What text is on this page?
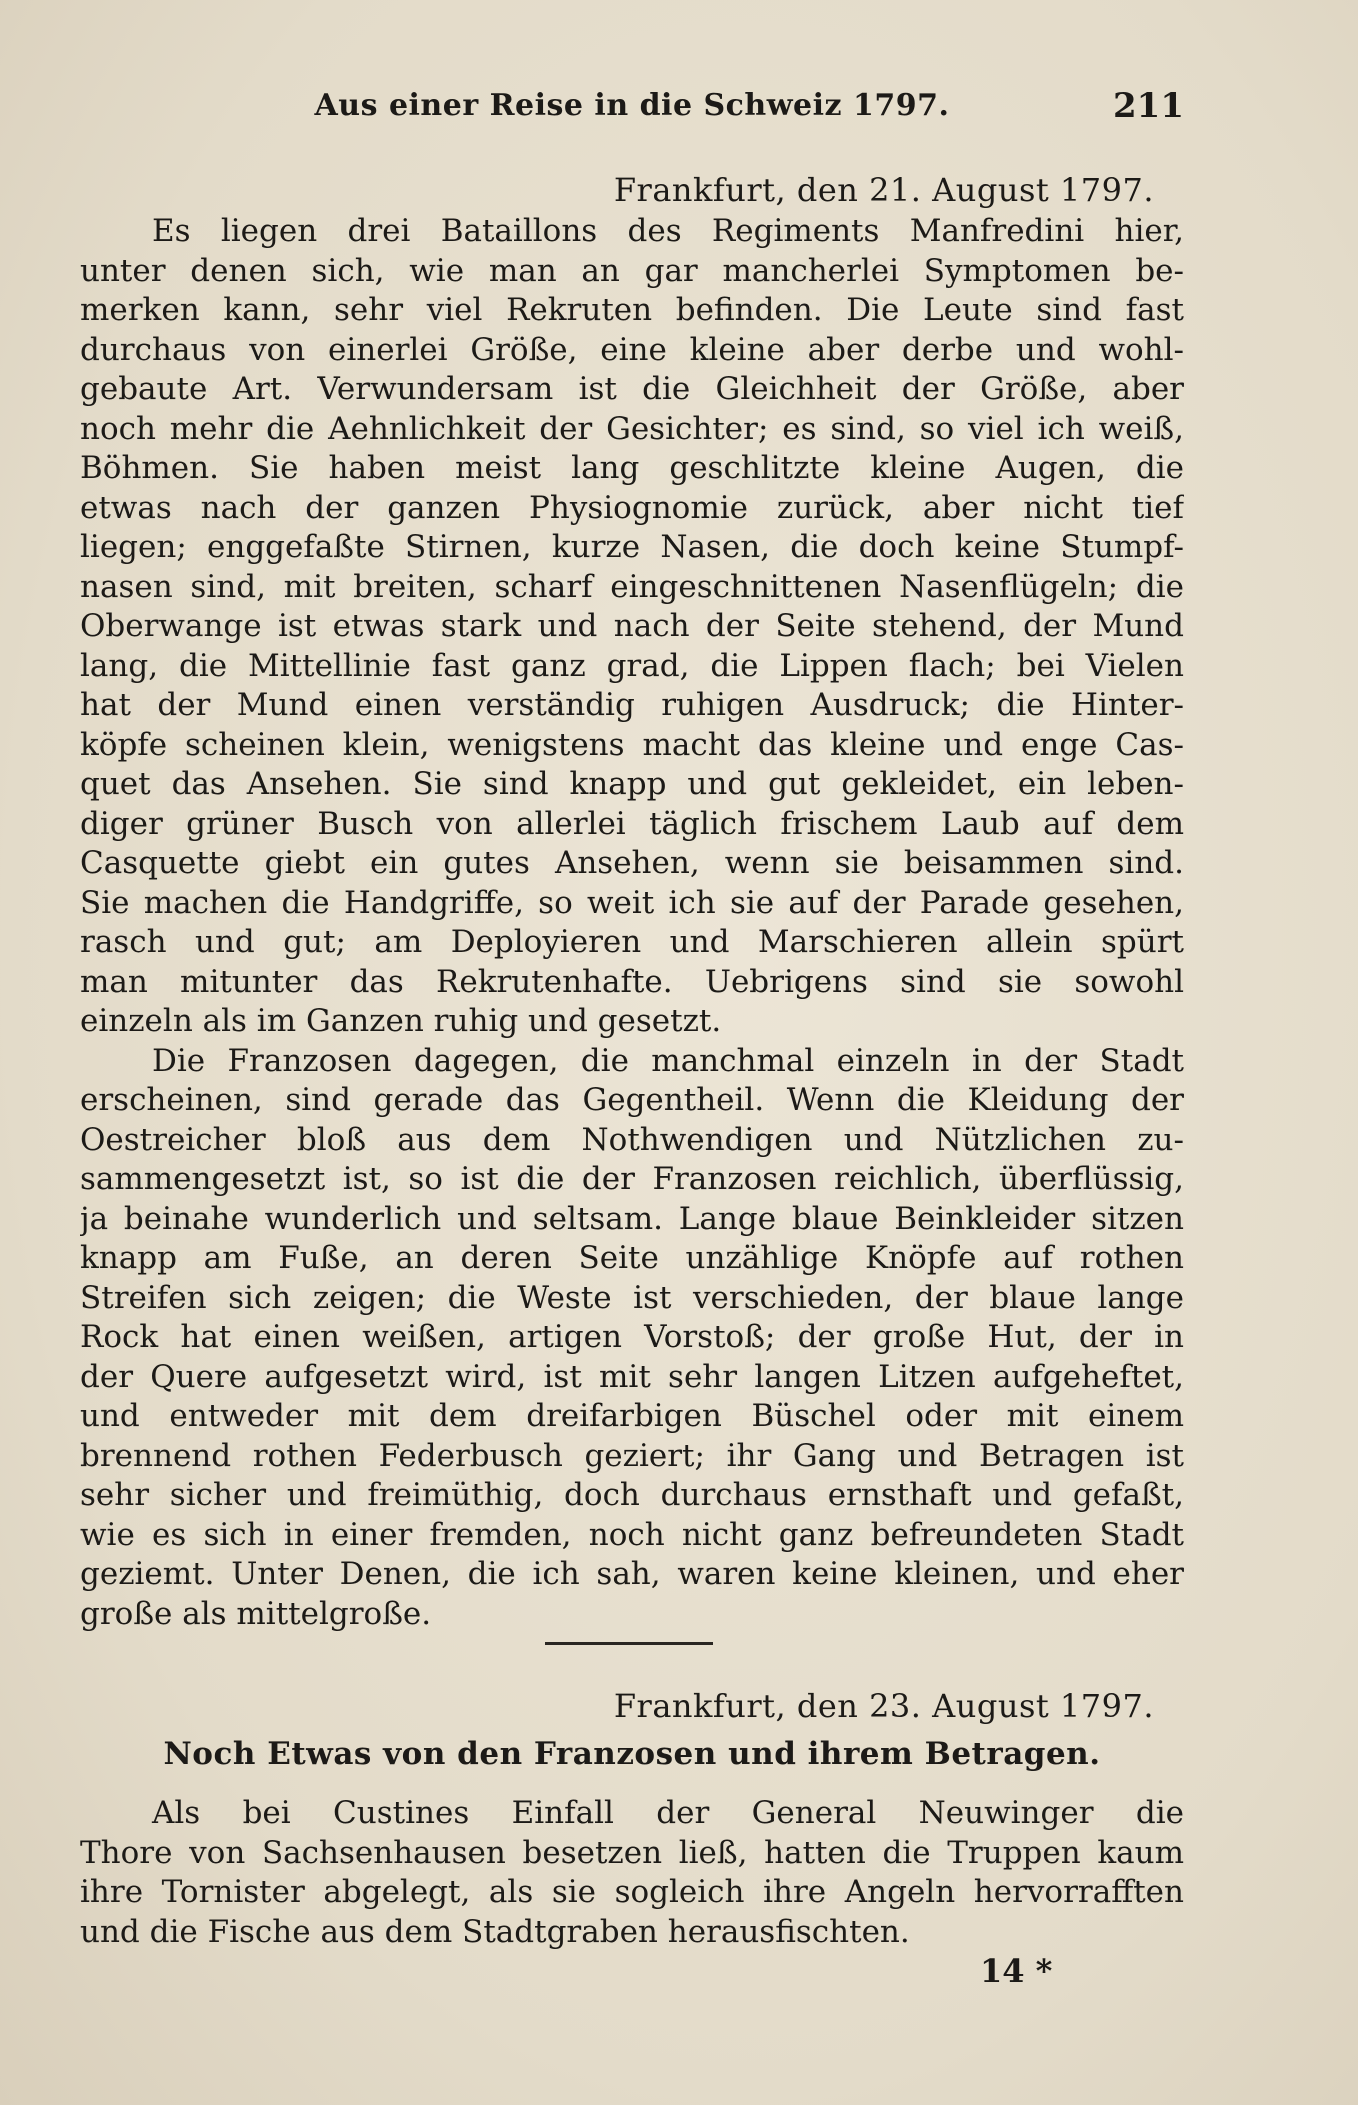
Aus einer Reise in die Schweiz 1797.	211
Frankfurt, den 21. August 1797.
Es liegen drei Bataillons des Regiments Manfredini hier,
unter denen sich, wie man an gar mancherlei Symptomen be-
merken kann, sehr viel Rekruten befinden. Die Leute sind fast
durchaus von einerlei Größe, eine kleine aber derbe und wohl-
gebaute Art. Verwundersam ist die Gleichheit der Größe, aber
noch mehr die Aehnlichkeit der Gesichter; es sind, so viel ich weiß,
Böhmen. Sie haben meist lang geschlitzte kleine Augen, die
etwas nach der ganzen Physiognomie zurück, aber nicht tief
liegen; enggefaßte Stirnen, kurze Nasen, die doch keine Stumpf-
nasen sind, mit breiten, scharf eingeschnittenen Nasenflügeln; die
Oberwange ist etwas stark und nach der Seite stehend, der Mund
lang, die Mittellinie fast ganz grad, die Lippen flach; bei Vielen
hat der Mund einen verständig ruhigen Ausdruck; die Hinter-
köpfe scheinen klein, wenigstens macht das kleine und enge Cas-
quet das Ansehen. Sie sind knapp und gut gekleidet, ein leben-
diger grüner Busch von allerlei täglich frischem Laub auf dem
Casquette giebt ein gutes Ansehen, wenn sie beisammen sind.
Sie machen die Handgriffe, so weit ich sie auf der Parade gesehen,
rasch und gut; am Deployieren und Marschieren allein spürt
man mitunter das Rekrutenhafte. Uebrigens sind sie sowohl
einzeln als im Ganzen ruhig und gesetzt.
Die Franzosen dagegen, die manchmal einzeln in der Stadt
erscheinen, sind gerade das Gegentheil. Wenn die Kleidung der
Oestreicher bloß aus dem Nothwendigen und Nützlichen zu-
sammengesetzt ist, so ist die der Franzosen reichlich, überflüssig,
ja beinahe wunderlich und seltsam. Lange blaue Beinkleider sitzen
knapp am Fuße, an deren Seite unzählige Knöpfe auf rothen
Streifen sich zeigen; die Weste ist verschieden, der blaue lange
Rock hat einen weißen, artigen Vorstoß; der große Hut, der in
der Quere aufgesetzt wird, ist mit sehr langen Litzen aufgeheftet,
und entweder mit dem dreifarbigen Büschel oder mit einem
brennend rothen Federbusch geziert; ihr Gang und Betragen ist
sehr sicher und freimüthig, doch durchaus ernsthaft und gefaßt,
wie es sich in einer fremden, noch nicht ganz befreundeten Stadt
geziemt. Unter Denen, die ich sah, waren keine kleinen, und eher
große als mittelgroße.
Frankfurt, den 23. August 1797.
Noch Etwas von den Franzosen und ihrem Betragen.
Als bei Custines Einfall der General Neuwinger die
Thore von Sachsenhausen besetzen ließ, hatten die Truppen kaum
ihre Tornister abgelegt, als sie sogleich ihre Angeln hervorrafften
und die Fische aus dem Stadtgraben herausfischten.
14 *
